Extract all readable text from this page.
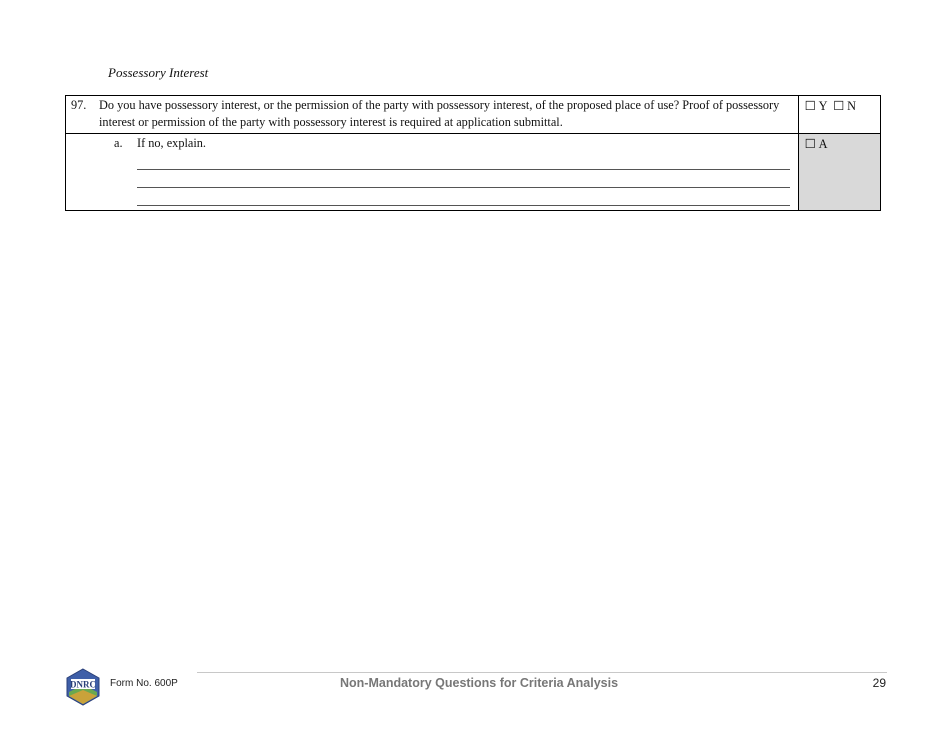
Possessory Interest
97. Do you have possessory interest, or the permission of the party with possessory interest, of the proposed place of use? Proof of possessory interest or permission of the party with possessory interest is required at application submittal.	☐ Y ☐ N

a. If no, explain.	☐ A
DNRC Form No. 600P	Non-Mandatory Questions for Criteria Analysis	29
